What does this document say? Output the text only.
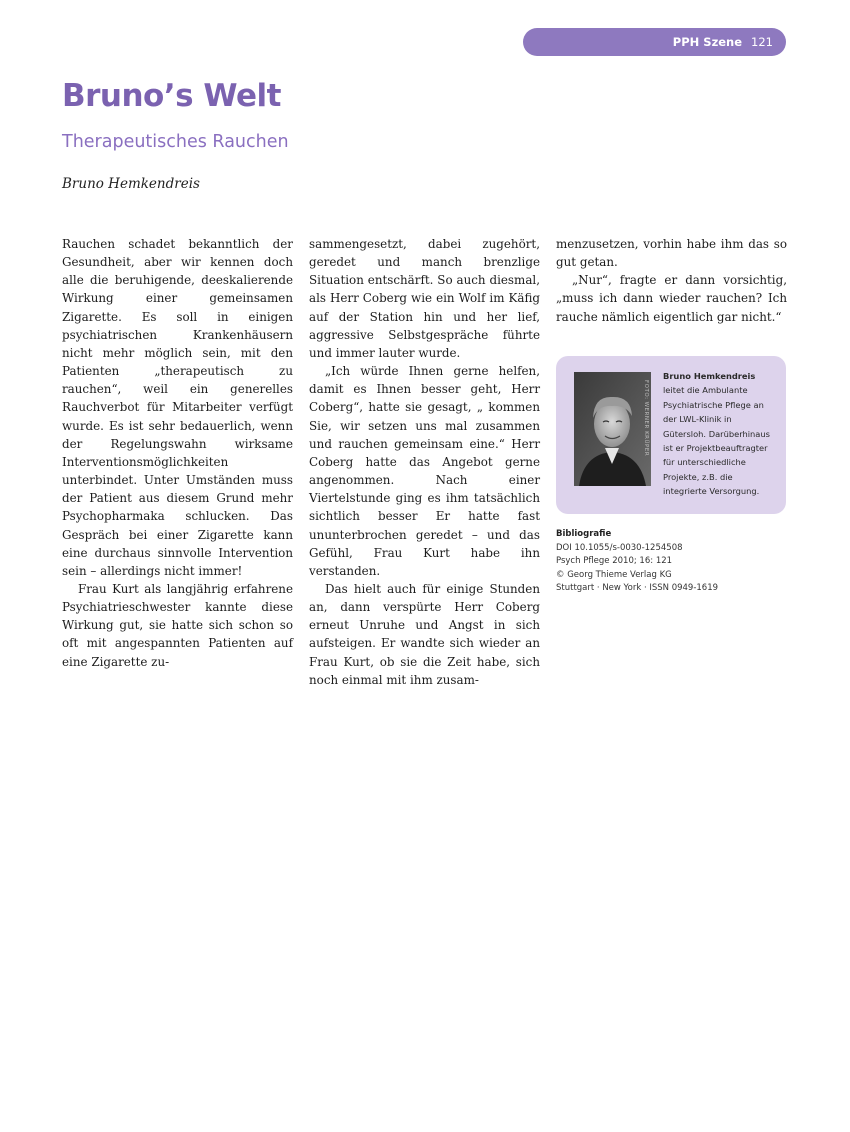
PPH Szene 121
Bruno’s Welt
Therapeutisches Rauchen

Bruno Hemkendreis

Rauchen schadet bekanntlich der Gesundheit, aber wir kennen doch alle die beruhigende, deeskalierende Wirkung einer gemeinsamen Zigarette. Es soll in einigen psychiatrischen Krankenhäusern nicht mehr möglich sein, mit den Patienten „therapeutisch zu rauchen“, weil ein generelles Rauchverbot für Mitarbeiter verfügt wurde. Es ist sehr bedauerlich, wenn der Regelungswahn wirksame Interventionsmöglichkeiten unterbindet. Unter Umständen muss der Patient aus diesem Grund mehr Psychopharmaka schlucken. Das Gespräch bei einer Zigarette kann eine durchaus sinnvolle Intervention sein – allerdings nicht immer!

Frau Kurt als langjährig erfahrene Psychiatrieschwester kannte diese Wirkung gut, sie hatte sich schon so oft mit angespannten Patienten auf eine Zigarette zu-

sammengesetzt, dabei zugehört, geredet und manch brenzlige Situation entschärft. So auch diesmal, als Herr Coberg wie ein Wolf im Käfig auf der Station hin und her lief, aggressive Selbstgespräche führte und immer lauter wurde.

„Ich würde Ihnen gerne helfen, damit es Ihnen besser geht, Herr Coberg“, hatte sie gesagt, „ kommen Sie, wir setzen uns mal zusammen und rauchen gemeinsam eine.“ Herr Coberg hatte das Angebot gerne angenommen. Nach einer Viertelstunde ging es ihm tatsächlich sichtlich besser Er hatte fast ununterbrochen geredet – und das Gefühl, Frau Kurt habe ihn verstanden.

Das hielt auch für einige Stunden an, dann verspürte Herr Coberg erneut Unruhe und Angst in sich aufsteigen. Er wandte sich wieder an Frau Kurt, ob sie die Zeit habe, sich noch einmal mit ihm zusam-

menzusetzen, vorhin habe ihm das so gut getan.

„Nur“, fragte er dann vorsichtig, „muss ich dann wieder rauchen? Ich rauche nämlich eigentlich gar nicht.“

FOTO: WERNER KRÜPER
Bruno Hemkendreis leitet die Ambulante Psychiatrische Pflege an der LWL-Klinik in Gütersloh. Darüberhinaus ist er Projektbeauftragter für unterschiedliche Projekte, z.B. die integrierte Versorgung.
Bibliografie
DOI 10.1055/s-0030-1254508
Psych Pflege 2010; 16: 121
© Georg Thieme Verlag KG
Stuttgart · New York · ISSN 0949-1619
